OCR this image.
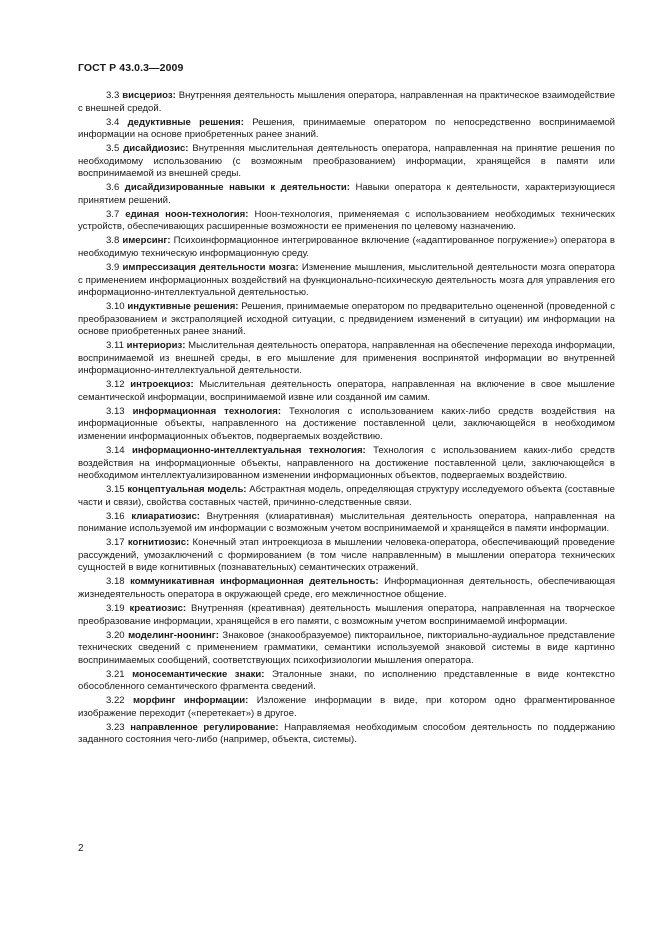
ГОСТ Р 43.0.3—2009

3.3 висцериоз: Внутренняя деятельность мышления оператора, направленная на практическое взаимодействие с внешней средой.

3.4 дедуктивные решения: Решения, принимаемые оператором по непосредственно воспринимаемой информации на основе приобретенных ранее знаний.

3.5 дисайдиозис: Внутренняя мыслительная деятельность оператора, направленная на принятие решения по необходимому использованию (с возможным преобразованием) информации, хранящейся в памяти или воспринимаемой из внешней среды.

3.6 дисайдизированные навыки к деятельности: Навыки оператора к деятельности, характеризующиеся принятием решений.

3.7 единая ноон-технология: Ноон-технология, применяемая с использованием необходимых технических устройств, обеспечивающих расширенные возможности ее применения по целевому назначению.

3.8 имерсинг: Психоинформационное интегрированное включение («адаптированное погружение») оператора в необходимую техническую информационную среду.

3.9 импрессизация деятельности мозга: Изменение мышления, мыслительной деятельности мозга оператора с применением информационных воздействий на функционально-психическую деятельность мозга для управления его информационно-интеллектуальной деятельностью.

3.10 индуктивные решения: Решения, принимаемые оператором по предварительно оцененной (проведенной с преобразованием и экстраполяцией исходной ситуации, с предвидением изменений в ситуации) им информации на основе приобретенных ранее знаний.

3.11 интериориз: Мыслительная деятельность оператора, направленная на обеспечение перехода информации, воспринимаемой из внешней среды, в его мышление для применения воспринятой информации во внутренней информационно-интеллектуальной деятельности.

3.12 интроекциоз: Мыслительная деятельность оператора, направленная на включение в свое мышление семантической информации, воспринимаемой извне или созданной им самим.

3.13 информационная технология: Технология с использованием каких-либо средств воздействия на информационные объекты, направленного на достижение поставленной цели, заключающейся в необходимом изменении информационных объектов, подвергаемых воздействию.

3.14 информационно-интеллектуальная технология: Технология с использованием каких-либо средств воздействия на информационные объекты, направленного на достижение поставленной цели, заключающейся в необходимом интеллектуализированном изменении информационных объектов, подвергаемых воздействию.

3.15 концептуальная модель: Абстрактная модель, определяющая структуру исследуемого объекта (составные части и связи), свойства составных частей, причинно-следственные связи.

3.16 клиаратиозис: Внутренняя (клиаративная) мыслительная деятельность оператора, направленная на понимание используемой им информации с возможным учетом воспринимаемой и хранящейся в памяти информации.

3.17 когнитиозис: Конечный этап интроекциоза в мышлении человека-оператора, обеспечивающий проведение рассуждений, умозаключений с формированием (в том числе направленным) в мышлении оператора технических сущностей в виде когнитивных (познавательных) семантических отражений.

3.18 коммуникативная информационная деятельность: Информационная деятельность, обеспечивающая жизнедеятельность оператора в окружающей среде, его межличностное общение.

3.19 креатиозис: Внутренняя (креативная) деятельность мышления оператора, направленная на творческое преобразование информации, хранящейся в его памяти, с возможным учетом воспринимаемой информации.

3.20 моделинг-ноонинг: Знаковое (знакообразуемое) пиктораильное, пикториально-аудиальное представление технических сведений с применением грамматики, семантики используемой знаковой системы в виде картинно воспринимаемых сообщений, соответствующих психофизиологии мышления оператора.

3.21 моносемантические знаки: Эталонные знаки, по исполнению представленные в виде контекстно обособленного семантического фрагмента сведений.

3.22 морфинг информации: Изложение информации в виде, при котором одно фрагментированное изображение переходит («перетекает») в другое.

3.23 направленное регулирование: Направляемая необходимым способом деятельность по поддержанию заданного состояния чего-либо (например, объекта, системы).

2
